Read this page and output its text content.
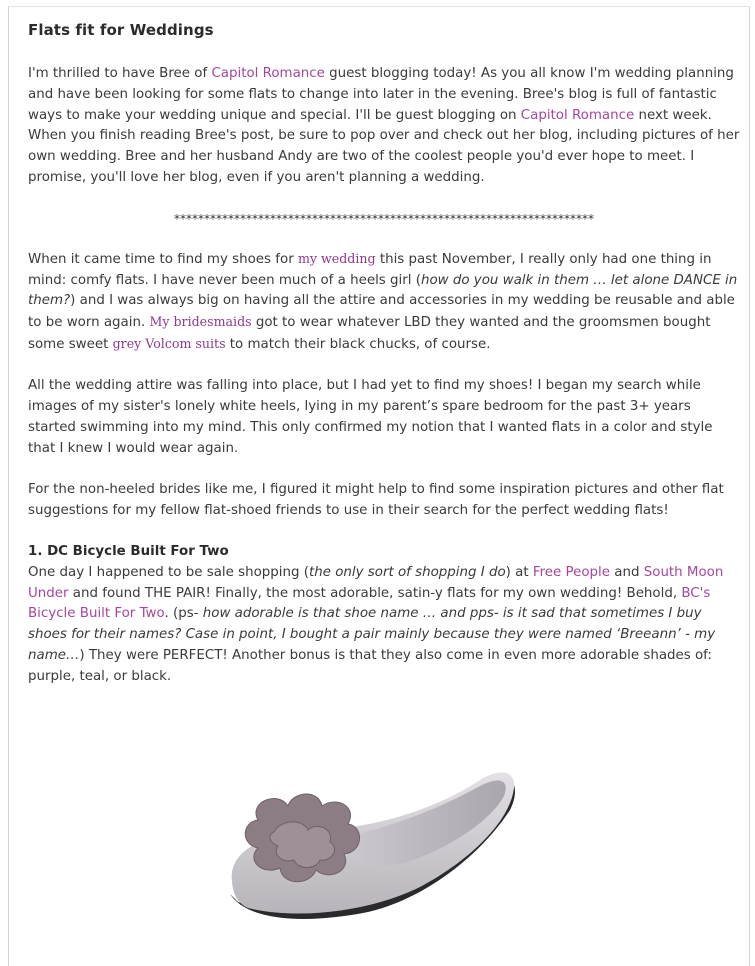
Flats fit for Weddings

I'm thrilled to have Bree of Capitol Romance guest blogging today! As you all know I'm wedding planning and have been looking for some flats to change into later in the evening. Bree's blog is full of fantastic ways to make your wedding unique and special. I'll be guest blogging on Capitol Romance next week. When you finish reading Bree's post, be sure to pop over and check out her blog, including pictures of her own wedding. Bree and her husband Andy are two of the coolest people you'd ever hope to meet. I promise, you'll love her blog, even if you aren't planning a wedding.

**********************************************************************

When it came time to find my shoes for my wedding this past November, I really only had one thing in mind: comfy flats. I have never been much of a heels girl (how do you walk in them … let alone DANCE in them?) and I was always big on having all the attire and accessories in my wedding be reusable and able to be worn again. My bridesmaids got to wear whatever LBD they wanted and the groomsmen bought some sweet grey Volcom suits to match their black chucks, of course.

All the wedding attire was falling into place, but I had yet to find my shoes! I began my search while images of my sister's lonely white heels, lying in my parent’s spare bedroom for the past 3+ years started swimming into my mind. This only confirmed my notion that I wanted flats in a color and style that I knew I would wear again.

For the non-heeled brides like me, I figured it might help to find some inspiration pictures and other flat suggestions for my fellow flat-shoed friends to use in their search for the perfect wedding flats!

1. DC Bicycle Built For Two
One day I happened to be sale shopping (the only sort of shopping I do) at Free People and South Moon Under and found THE PAIR! Finally, the most adorable, satin-y flats for my own wedding! Behold, BC's Bicycle Built For Two. (ps- how adorable is that shoe name … and pps- is it sad that sometimes I buy shoes for their names? Case in point, I bought a pair mainly because they were named ‘Breeann’ - my name…) They were PERFECT! Another bonus is that they also come in even more adorable shades of: purple, teal, or black.
